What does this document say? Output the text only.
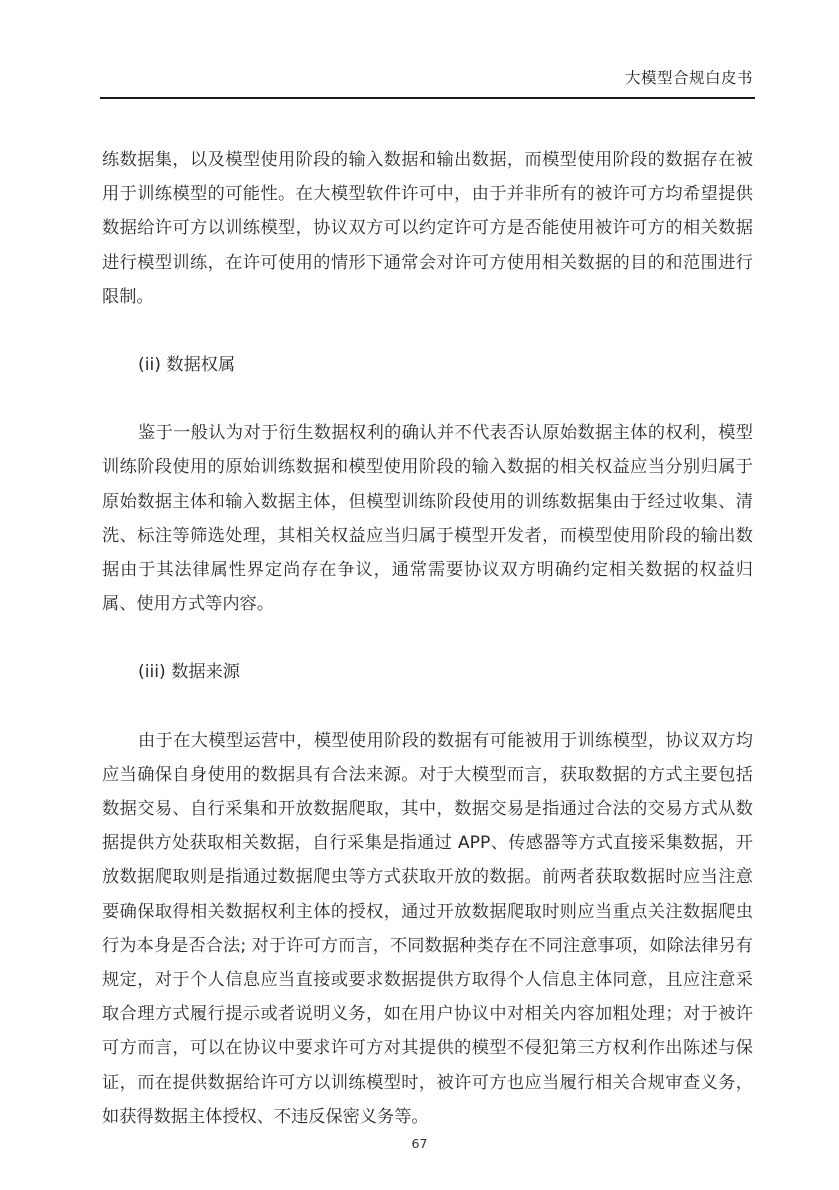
大模型合规白皮书

练数据集，以及模型使用阶段的输入数据和输出数据，而模型使用阶段的数据存在被用于训练模型的可能性。在大模型软件许可中，由于并非所有的被许可方均希望提供数据给许可方以训练模型，协议双方可以约定许可方是否能使用被许可方的相关数据进行模型训练，在许可使用的情形下通常会对许可方使用相关数据的目的和范围进行限制。

(ii) 数据权属

鉴于一般认为对于衍生数据权利的确认并不代表否认原始数据主体的权利，模型训练阶段使用的原始训练数据和模型使用阶段的输入数据的相关权益应当分别归属于原始数据主体和输入数据主体，但模型训练阶段使用的训练数据集由于经过收集、清洗、标注等筛选处理，其相关权益应当归属于模型开发者，而模型使用阶段的输出数据由于其法律属性界定尚存在争议，通常需要协议双方明确约定相关数据的权益归属、使用方式等内容。

(iii) 数据来源

由于在大模型运营中，模型使用阶段的数据有可能被用于训练模型，协议双方均应当确保自身使用的数据具有合法来源。对于大模型而言，获取数据的方式主要包括数据交易、自行采集和开放数据爬取，其中，数据交易是指通过合法的交易方式从数据提供方处获取相关数据，自行采集是指通过 APP、传感器等方式直接采集数据，开放数据爬取则是指通过数据爬虫等方式获取开放的数据。前两者获取数据时应当注意要确保取得相关数据权利主体的授权，通过开放数据爬取时则应当重点关注数据爬虫行为本身是否合法; 对于许可方而言，不同数据种类存在不同注意事项，如除法律另有规定，对于个人信息应当直接或要求数据提供方取得个人信息主体同意，且应注意采取合理方式履行提示或者说明义务，如在用户协议中对相关内容加粗处理；对于被许可方而言，可以在协议中要求许可方对其提供的模型不侵犯第三方权利作出陈述与保证，而在提供数据给许可方以训练模型时，被许可方也应当履行相关合规审查义务，如获得数据主体授权、不违反保密义务等。

67
